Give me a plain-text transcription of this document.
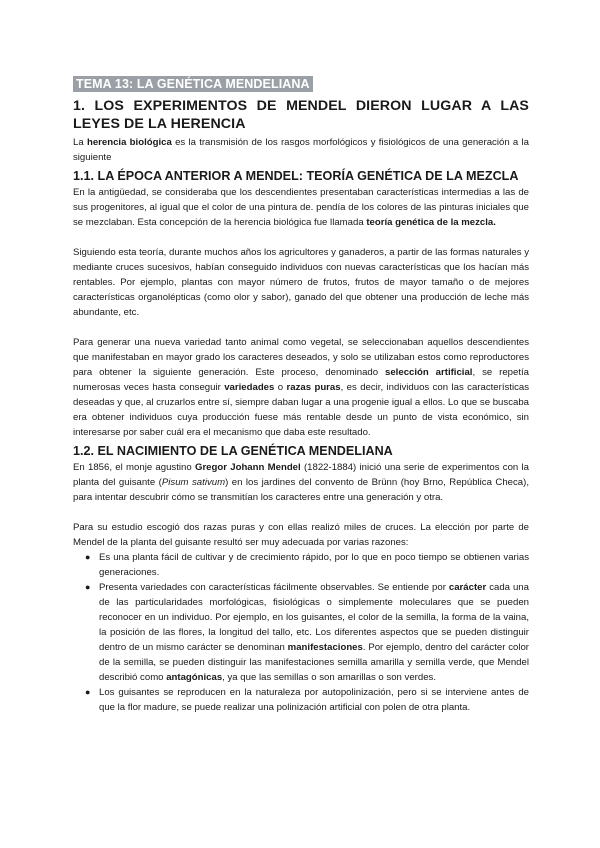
TEMA 13: LA GENÉTICA MENDELIANA
1. LOS EXPERIMENTOS DE MENDEL DIERON LUGAR A LAS LEYES DE LA HERENCIA

La herencia biológica es la transmisión de los rasgos morfológicos y fisiológicos de una generación a la siguiente

1.1. LA ÉPOCA ANTERIOR A MENDEL: TEORÍA GENÉTICA DE LA MEZCLA

En la antigüedad, se consideraba que los descendientes presentaban características intermedias a las de sus progenitores, al igual que el color de una pintura de. pendía de los colores de las pinturas iniciales que se mezclaban. Esta concepción de la herencia biológica fue llamada teoría genética de la mezcla.

Siguiendo esta teoría, durante muchos años los agricultores y ganaderos, a partir de las formas naturales y mediante cruces sucesivos, habían conseguido individuos con nuevas características que los hacían más rentables. Por ejemplo, plantas con mayor número de frutos, frutos de mayor tamaño o de mejores características organolépticas (como olor y sabor), ganado del que obtener una producción de leche más abundante, etc.

Para generar una nueva variedad tanto animal como vegetal, se seleccionaban aquellos descendientes que manifestaban en mayor grado los caracteres deseados, y solo se utilizaban estos como reproductores para obtener la siguiente generación. Este proceso, denominado selección artificial, se repetía numerosas veces hasta conseguir variedades o razas puras, es decir, individuos con las características deseadas y que, al cruzarlos entre sí, siempre daban lugar a una progenie igual a ellos. Lo que se buscaba era obtener individuos cuya producción fuese más rentable desde un punto de vista económico, sin interesarse por saber cuál era el mecanismo que daba este resultado.

1.2. EL NACIMIENTO DE LA GENÉTICA MENDELIANA

En 1856, el monje agustino Gregor Johann Mendel (1822-1884) inició una serie de experimentos con la planta del guisante (Pisum sativum) en los jardines del convento de Brünn (hoy Brno, República Checa), para intentar descubrir cómo se transmitían los caracteres entre una generación y otra.

Para su estudio escogió dos razas puras y con ellas realizó miles de cruces. La elección por parte de Mendel de la planta del guisante resultó ser muy adecuada por varias razones:

● Es una planta fácil de cultivar y de crecimiento rápido, por lo que en poco tiempo se obtienen varias generaciones.
● Presenta variedades con características fácilmente observables. Se entiende por carácter cada una de las particularidades morfológicas, fisiológicas o simplemente moleculares que se pueden reconocer en un individuo. Por ejemplo, en los guisantes, el color de la semilla, la forma de la vaina, la posición de las flores, la longitud del tallo, etc. Los diferentes aspectos que se pueden distinguir dentro de un mismo carácter se denominan manifestaciones. Por ejemplo, dentro del carácter color de la semilla, se pueden distinguir las manifestaciones semilla amarilla y semilla verde, que Mendel describió como antagónicas, ya que las semillas o son amarillas o son verdes.
● Los guisantes se reproducen en la naturaleza por autopolinización, pero si se interviene antes de que la flor madure, se puede realizar una polinización artificial con polen de otra planta.
